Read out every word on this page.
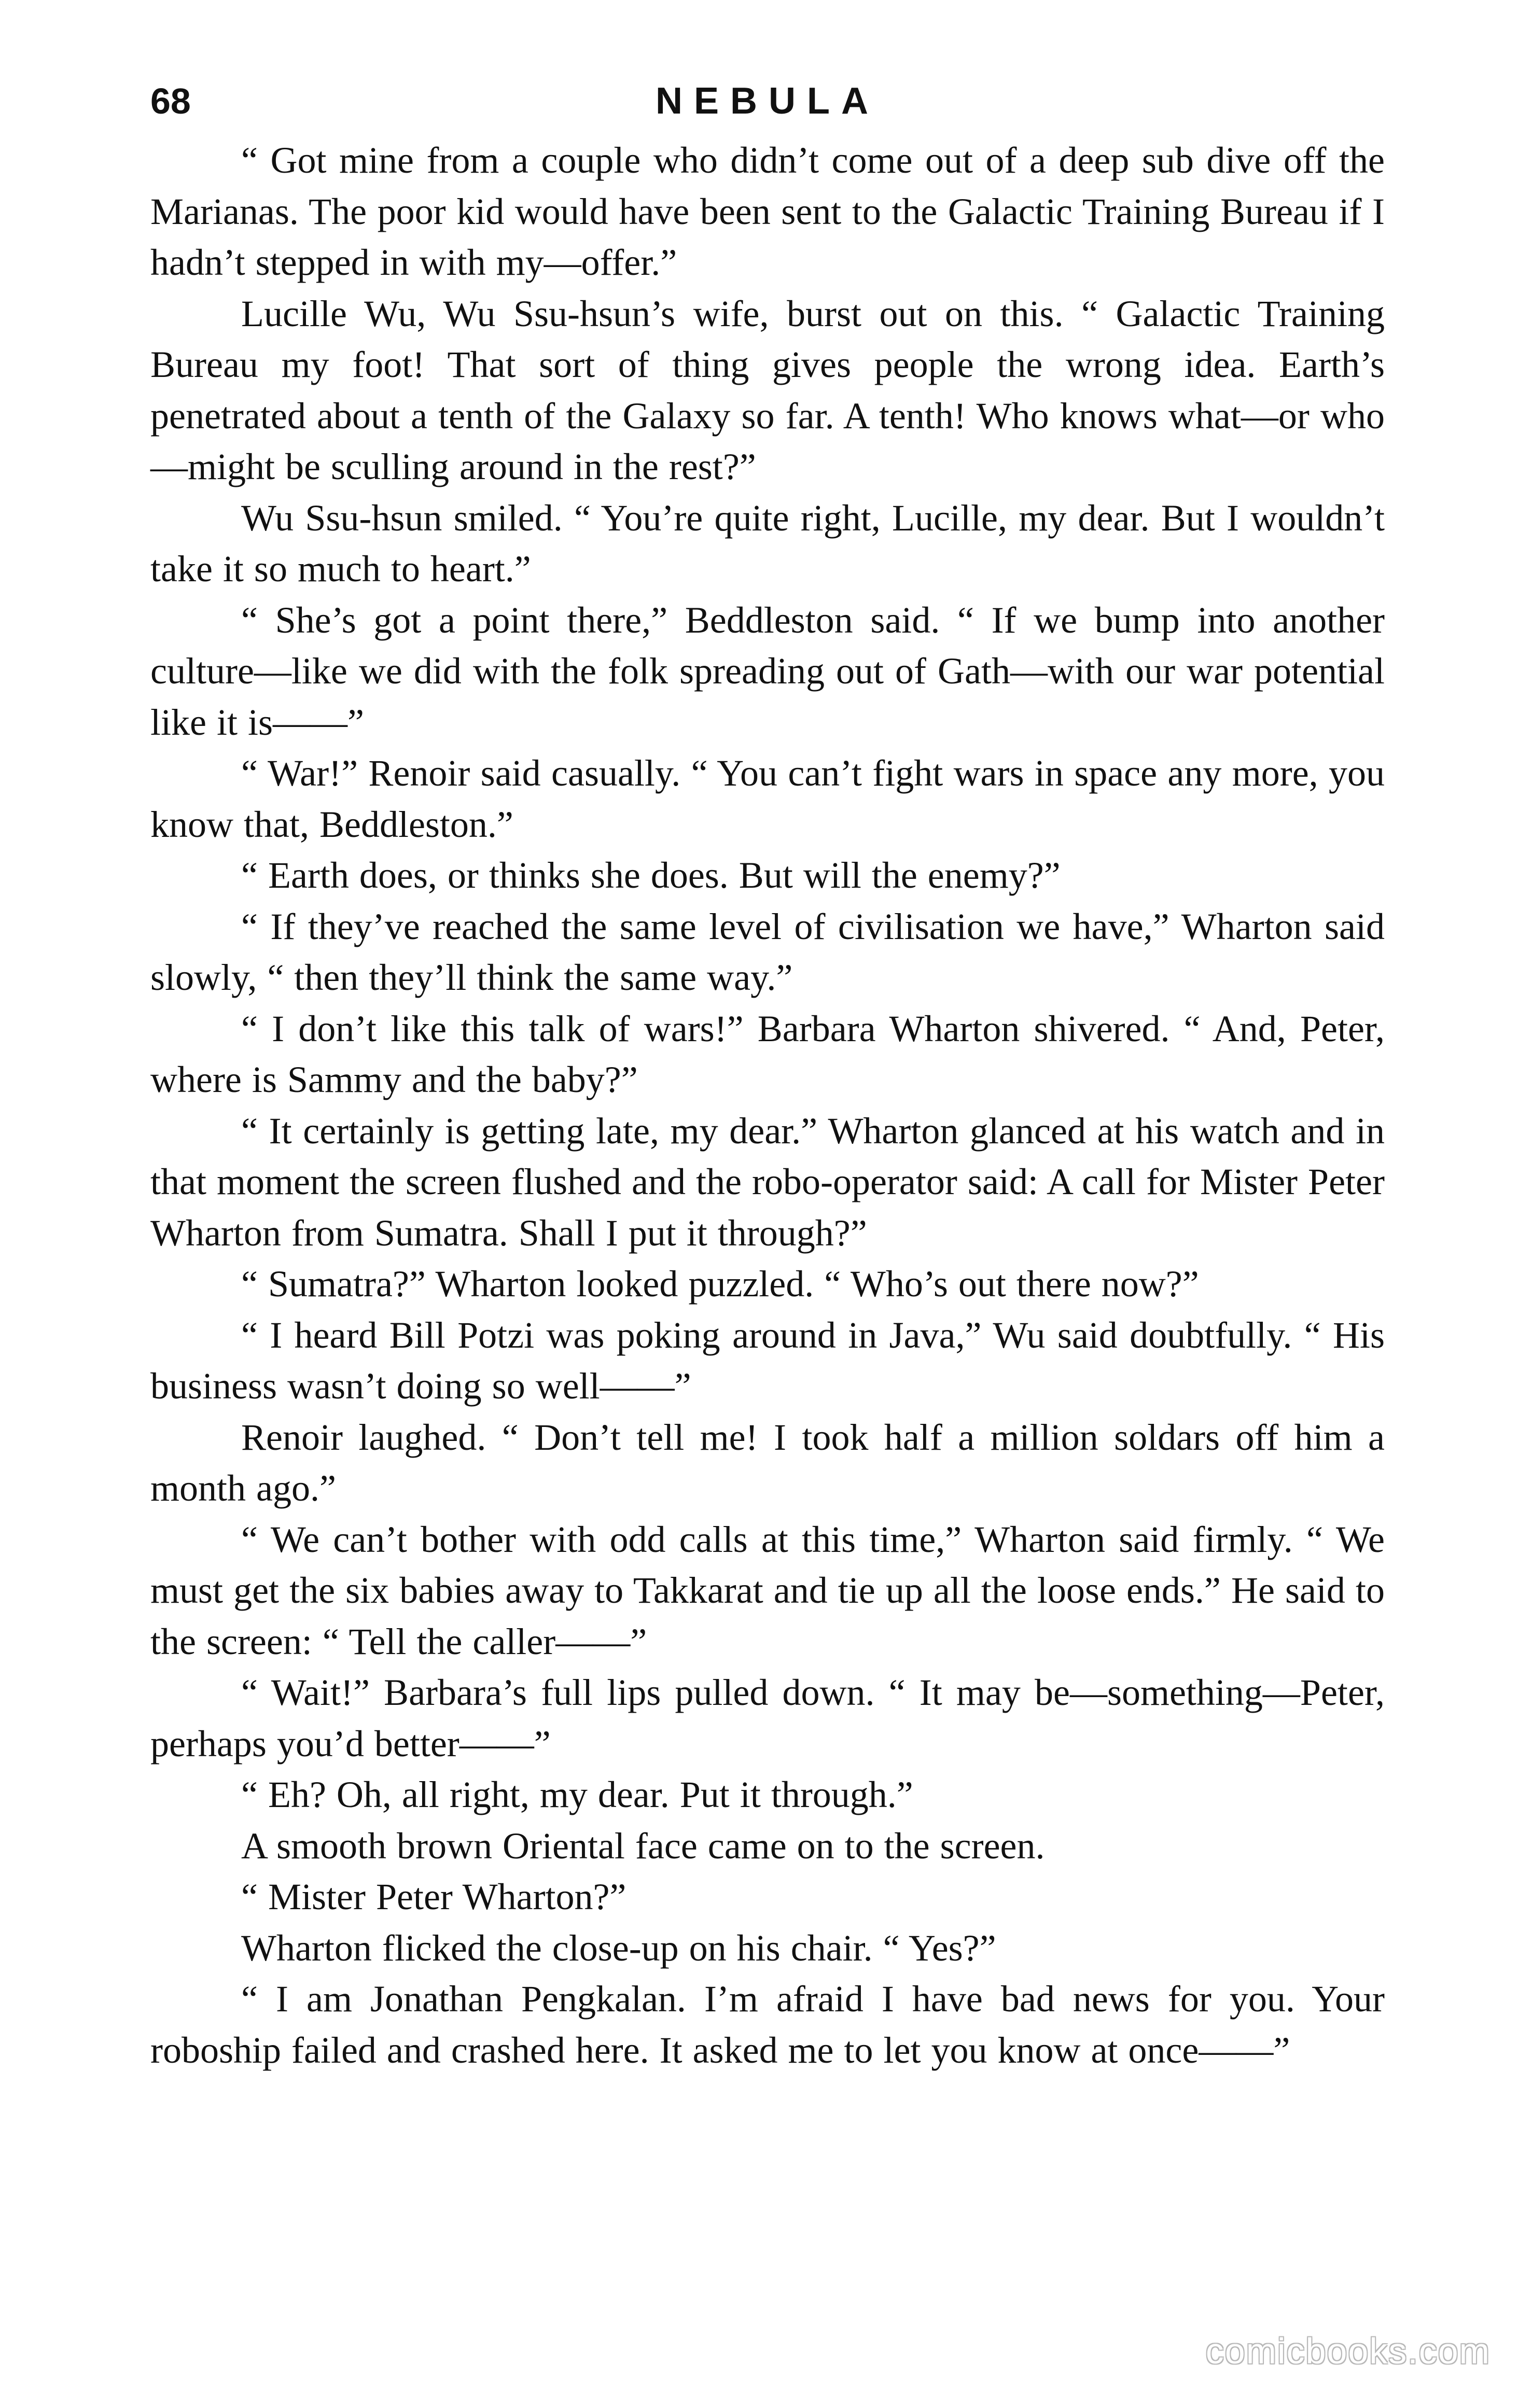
68	NEBULA

“ Got mine from a couple who didn’t come out of a deep sub dive off the Marianas. The poor kid would have been sent to the Galactic Training Bureau if I hadn’t stepped in with my—offer.”

Lucille Wu, Wu Ssu-hsun’s wife, burst out on this. “ Galactic Training Bureau my foot! That sort of thing gives people the wrong idea. Earth’s penetrated about a tenth of the Galaxy so far. A tenth! Who knows what—or who—might be sculling around in the rest?”

Wu Ssu-hsun smiled. “ You’re quite right, Lucille, my dear. But I wouldn’t take it so much to heart.”

“ She’s got a point there,” Beddleston said. “ If we bump into another culture—like we did with the folk spreading out of Gath—with our war potential like it is——”

“ War!” Renoir said casually. “ You can’t fight wars in space any more, you know that, Beddleston.”

“ Earth does, or thinks she does. But will the enemy?”

“ If they’ve reached the same level of civilisation we have,” Wharton said slowly, “ then they’ll think the same way.”

“ I don’t like this talk of wars!” Barbara Wharton shivered. “ And, Peter, where is Sammy and the baby?”

“ It certainly is getting late, my dear.” Wharton glanced at his watch and in that moment the screen flushed and the robo-operator said: A call for Mister Peter Wharton from Sumatra. Shall I put it through?”

“ Sumatra?” Wharton looked puzzled. “ Who’s out there now?”

“ I heard Bill Potzi was poking around in Java,” Wu said doubtfully. “ His business wasn’t doing so well——”

Renoir laughed. “ Don’t tell me! I took half a million soldars off him a month ago.”

“ We can’t bother with odd calls at this time,” Wharton said firmly. “ We must get the six babies away to Takkarat and tie up all the loose ends.” He said to the screen: “ Tell the caller——”

“ Wait!” Barbara’s full lips pulled down. “ It may be—something—Peter, perhaps you’d better——”

“ Eh? Oh, all right, my dear. Put it through.”

A smooth brown Oriental face came on to the screen.

“ Mister Peter Wharton?”

Wharton flicked the close-up on his chair. “ Yes?”

“ I am Jonathan Pengkalan. I’m afraid I have bad news for you. Your roboship failed and crashed here. It asked me to let you know at once——”

comicbooks.com
